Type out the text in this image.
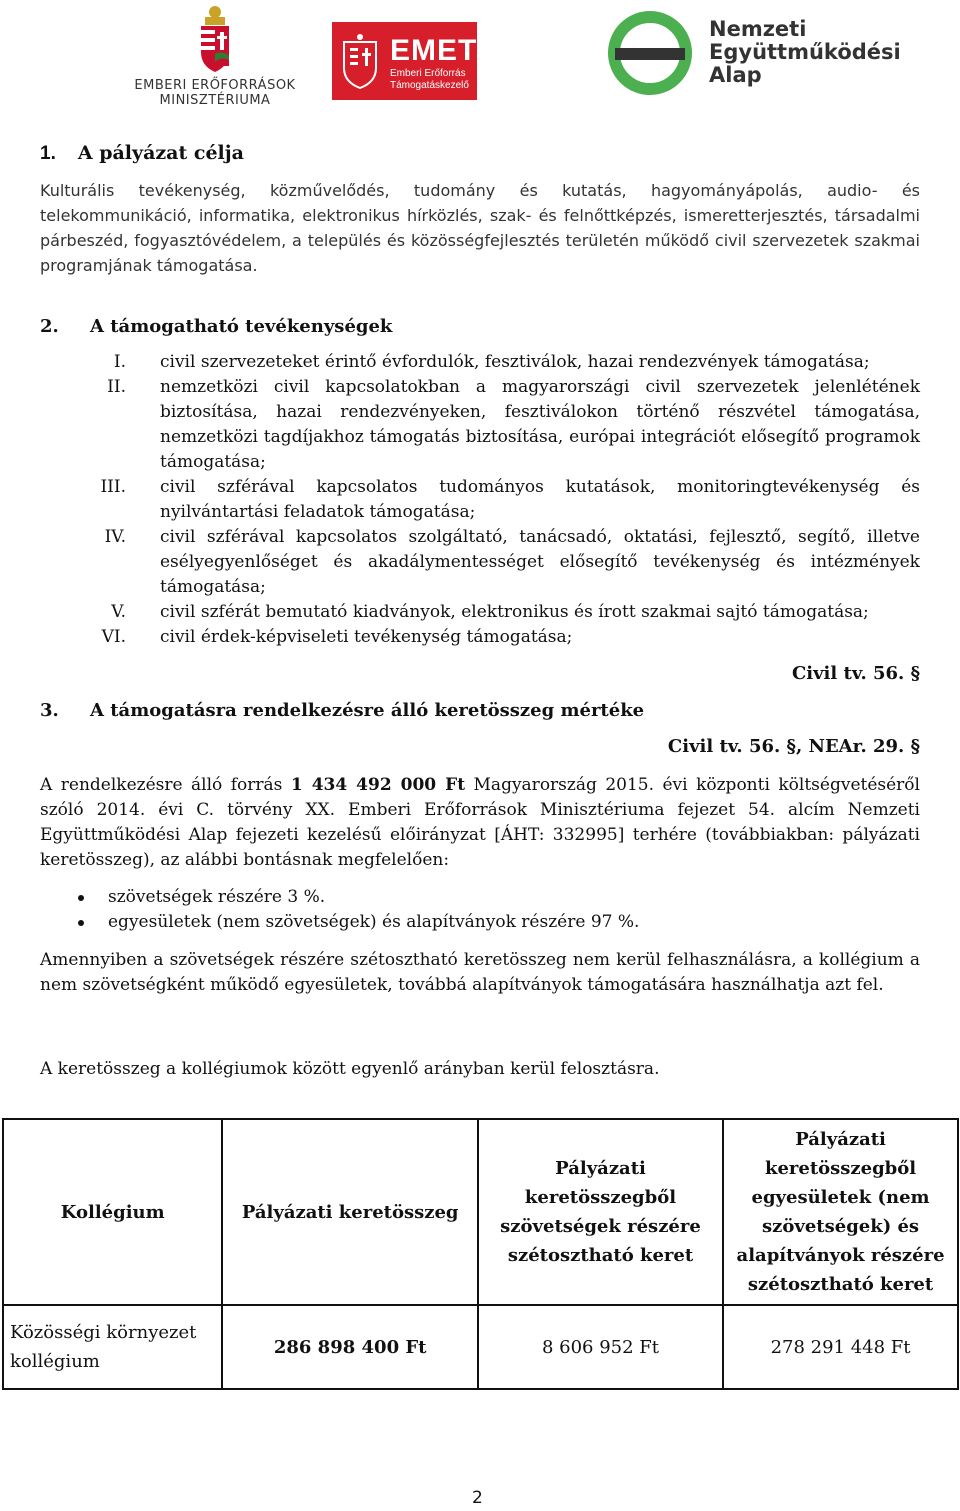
EMBERI ERŐFORRÁSOK
MINISZTÉRIUMA
EMET
Emberi Erőforrás
Támogatáskezelő
Nemzeti
Együttműködési
Alap
1. A pályázat célja
Kulturális tevékenység, közművelődés, tudomány és kutatás, hagyományápolás, audio- és telekommunikáció, informatika, elektronikus hírközlés, szak- és felnőttképzés, ismeretterjesztés, társadalmi párbeszéd, fogyasztóvédelem, a település és közösségfejlesztés területén működő civil szervezetek szakmai programjának támogatása.
2. A támogatható tevékenységek
I. civil szervezeteket érintő évfordulók, fesztiválok, hazai rendezvények támogatása;
II. nemzetközi civil kapcsolatokban a magyarországi civil szervezetek jelenlétének biztosítása, hazai rendezvényeken, fesztiválokon történő részvétel támogatása, nemzetközi tagdíjakhoz támogatás biztosítása, európai integrációt elősegítő programok támogatása;
III. civil szférával kapcsolatos tudományos kutatások, monitoringtevékenység és nyilvántartási feladatok támogatása;
IV. civil szférával kapcsolatos szolgáltató, tanácsadó, oktatási, fejlesztő, segítő, illetve esélyegyenlőséget és akadálymentességet elősegítő tevékenység és intézmények támogatása;
V. civil szférát bemutató kiadványok, elektronikus és írott szakmai sajtó támogatása;
VI. civil érdek-képviseleti tevékenység támogatása;
Civil tv. 56. §
3. A támogatásra rendelkezésre álló keretösszeg mértéke
Civil tv. 56. §, NEAr. 29. §
A rendelkezésre álló forrás 1 434 492 000 Ft Magyarország 2015. évi központi költségvetéséről szóló 2014. évi C. törvény XX. Emberi Erőforrások Minisztériuma fejezet 54. alcím Nemzeti Együttműködési Alap fejezeti kezelésű előirányzat [ÁHT: 332995] terhére (továbbiakban: pályázati keretösszeg), az alábbi bontásnak megfelelően:
szövetségek részére 3 %.
egyesületek (nem szövetségek) és alapítványok részére 97 %.
Amennyiben a szövetségek részére szétosztható keretösszeg nem kerül felhasználásra, a kollégium a nem szövetségként működő egyesületek, továbbá alapítványok támogatására használhatja azt fel.
A keretösszeg a kollégiumok között egyenlő arányban kerül felosztásra.
Kollégium	Pályázati keretösszeg	Pályázati keretösszegből szövetségek részére szétosztható keret	Pályázati keretösszegből egyesületek (nem szövetségek) és alapítványok részére szétosztható keret
Közösségi környezet kollégium	286 898 400 Ft	8 606 952 Ft	278 291 448 Ft
2
